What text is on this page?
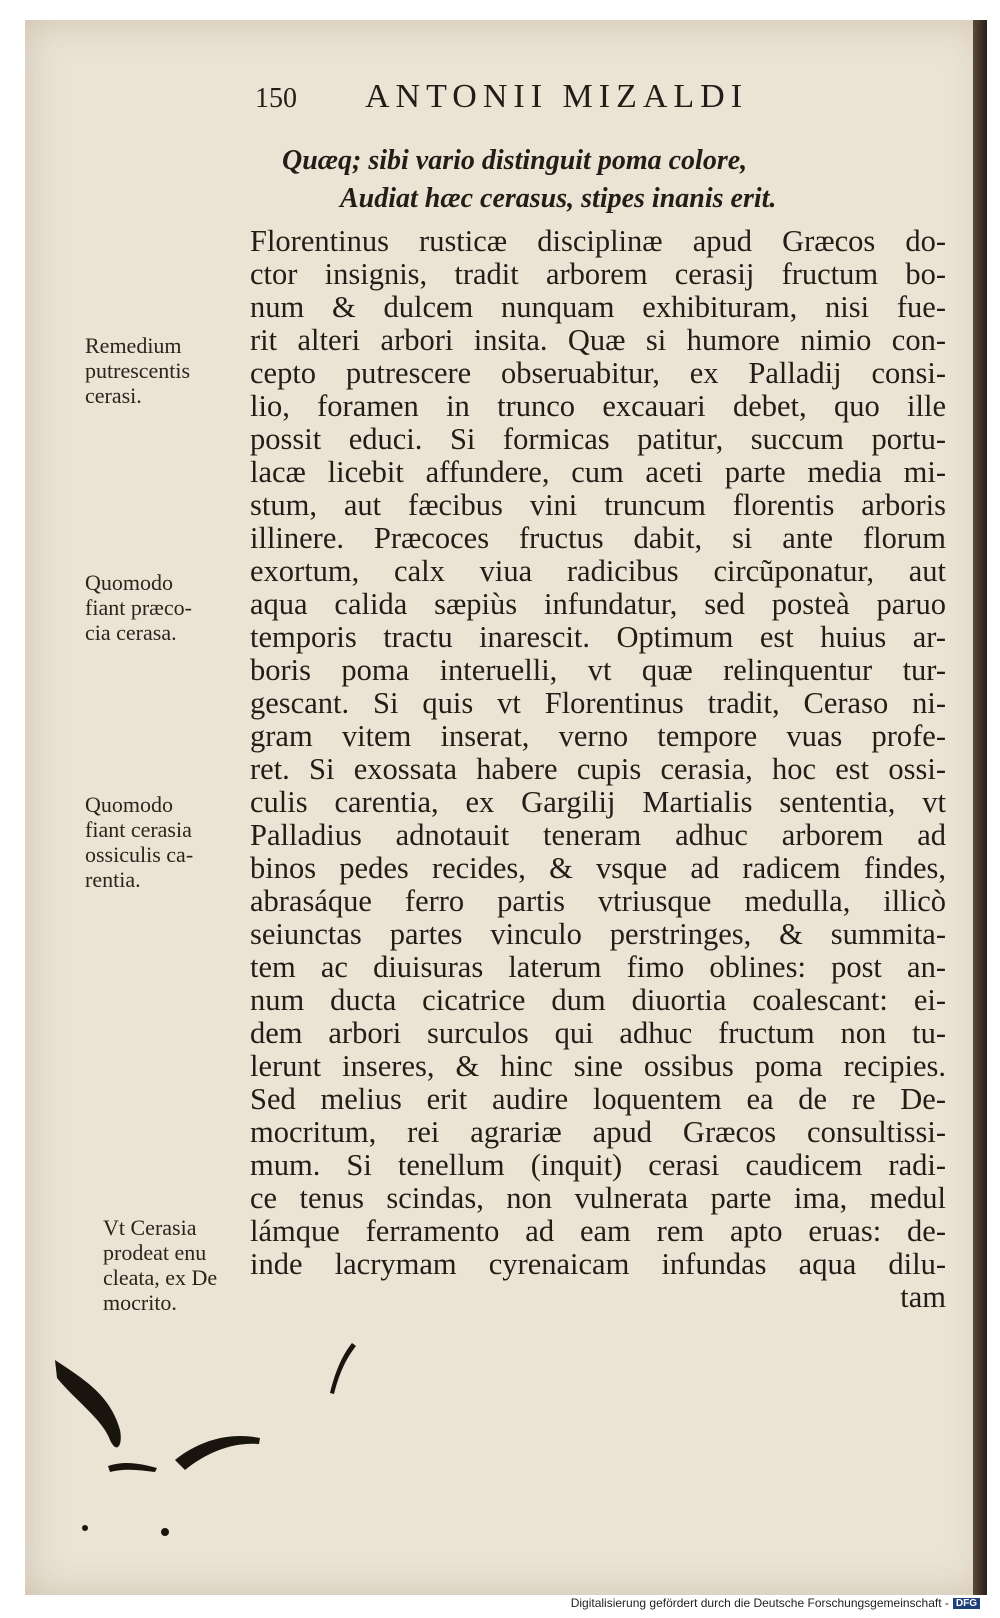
150 ANTONII MIZALDI
Quæq; sibi vario distinguit poma colore,
Audiat hæc cerasus, stipes inanis erit.
Florentinus rusticæ disciplinæ apud Græcos do-
ctor insignis, tradit arborem cerasij fructum bo-
num & dulcem nunquam exhibituram, nisi fue-
rit alteri arbori insita. Quæ si humore nimio con-
cepto putrescere obseruabitur, ex Palladij consi-
lio, foramen in trunco excauari debet, quo ille
possit educi. Si formicas patitur, succum portu-
lacæ licebit affundere, cum aceti parte media mi-
stum, aut fæcibus vini truncum florentis arboris
illinere. Præcoces fructus dabit, si ante florum
exortum, calx viua radicibus circũponatur, aut
aqua calida sæpiùs infundatur, sed posteà paruo
temporis tractu inarescit. Optimum est huius ar-
boris poma interuelli, vt quæ relinquentur tur-
gescant. Si quis vt Florentinus tradit, Ceraso ni-
gram vitem inserat, verno tempore vuas profe-
ret. Si exossata habere cupis cerasia, hoc est ossi-
culis carentia, ex Gargilij Martialis sententia, vt
Palladius adnotauit teneram adhuc arborem ad
binos pedes recides, & vsque ad radicem findes,
abrasáque ferro partis vtriusque medulla, illicò
seiunctas partes vinculo perstringes, & summita-
tem ac diuisuras laterum fimo oblines: post an-
num ducta cicatrice dum diuortia coalescant: ei-
dem arbori surculos qui adhuc fructum non tu-
lerunt inseres, & hinc sine ossibus poma recipies.
Sed melius erit audire loquentem ea de re De-
mocritum, rei agrariæ apud Græcos consultissi-
mum. Si tenellum (inquit) cerasi caudicem radi-
ce tenus scindas, non vulnerata parte ima, medul
lámque ferramento ad eam rem apto eruas: de-
inde lacrymam cyrenaicam infundas aqua dilu-
tam
Remedium
putrescentis
cerasi.
Quomodo
fiant præco-
cia cerasa.
Quomodo
fiant cerasia
ossiculis ca-
rentia.
Vt Cerasia
prodeat enu
cleata, ex De
mocrito.
Digitalisierung gefördert durch die Deutsche Forschungsgemeinschaft - DFG
